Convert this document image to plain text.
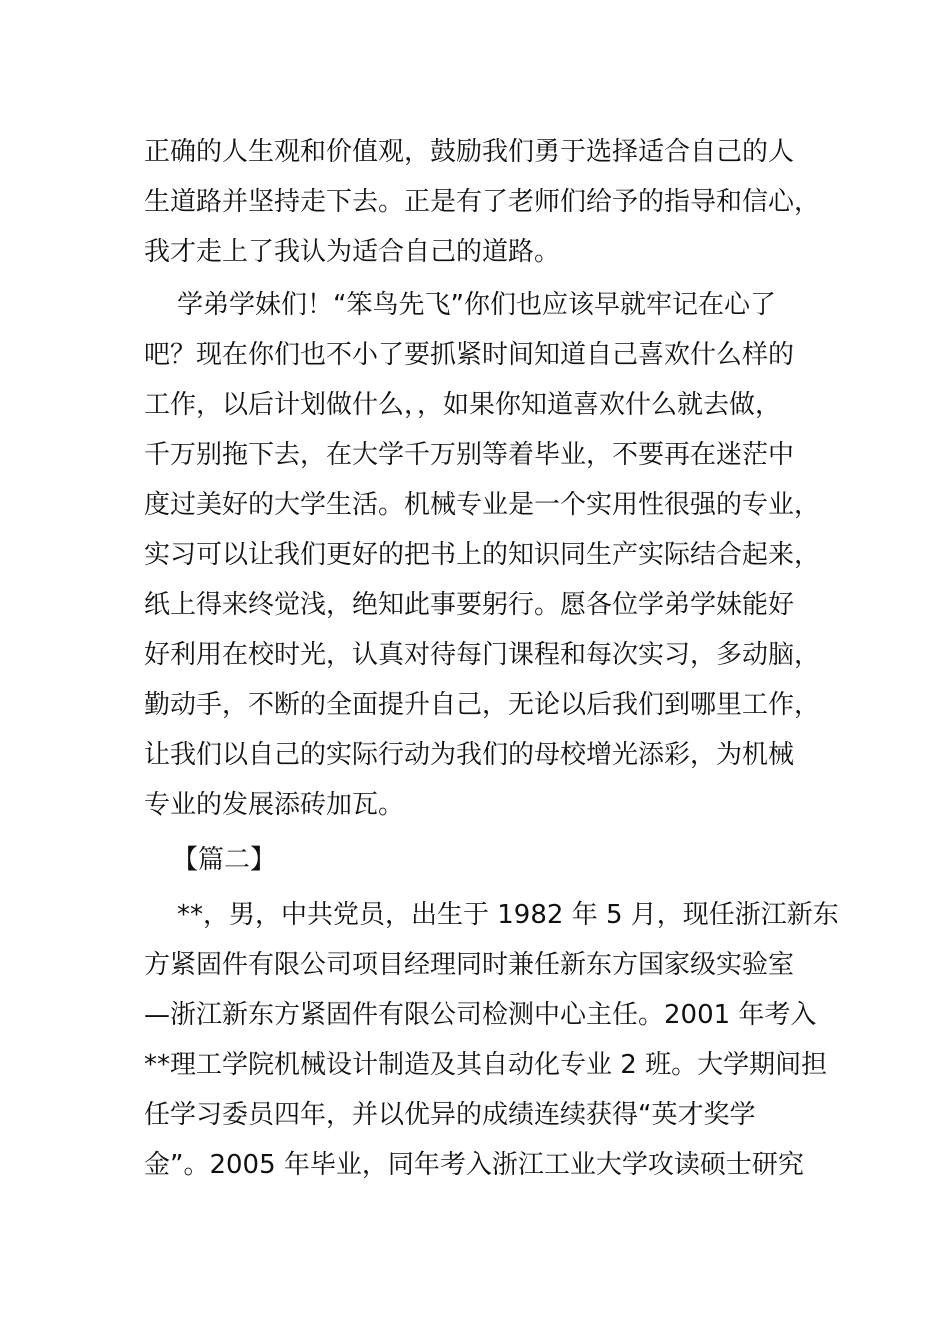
正确的人生观和价值观，鼓励我们勇于选择适合自己的人
生道路并坚持走下去。正是有了老师们给予的指导和信心，
我才走上了我认为适合自己的道路。
学弟学妹们！“笨鸟先飞”你们也应该早就牢记在心了
吧？现在你们也不小了要抓紧时间知道自己喜欢什么样的
工作，以后计划做什么，，如果你知道喜欢什么就去做，
千万别拖下去，在大学千万别等着毕业，不要再在迷茫中
度过美好的大学生活。机械专业是一个实用性很强的专业，
实习可以让我们更好的把书上的知识同生产实际结合起来，
纸上得来终觉浅，绝知此事要躬行。愿各位学弟学妹能好
好利用在校时光，认真对待每门课程和每次实习，多动脑，
勤动手，不断的全面提升自己，无论以后我们到哪里工作，
让我们以自己的实际行动为我们的母校增光添彩，为机械
专业的发展添砖加瓦。
【篇二】
**，男，中共党员，出生于 1982 年 5 月，现任浙江新东
方紧固件有限公司项目经理同时兼任新东方国家级实验室
—浙江新东方紧固件有限公司检测中心主任。2001 年考入
**理工学院机械设计制造及其自动化专业 2 班。大学期间担
任学习委员四年，并以优异的成绩连续获得“英才奖学
金”。2005 年毕业，同年考入浙江工业大学攻读硕士研究
